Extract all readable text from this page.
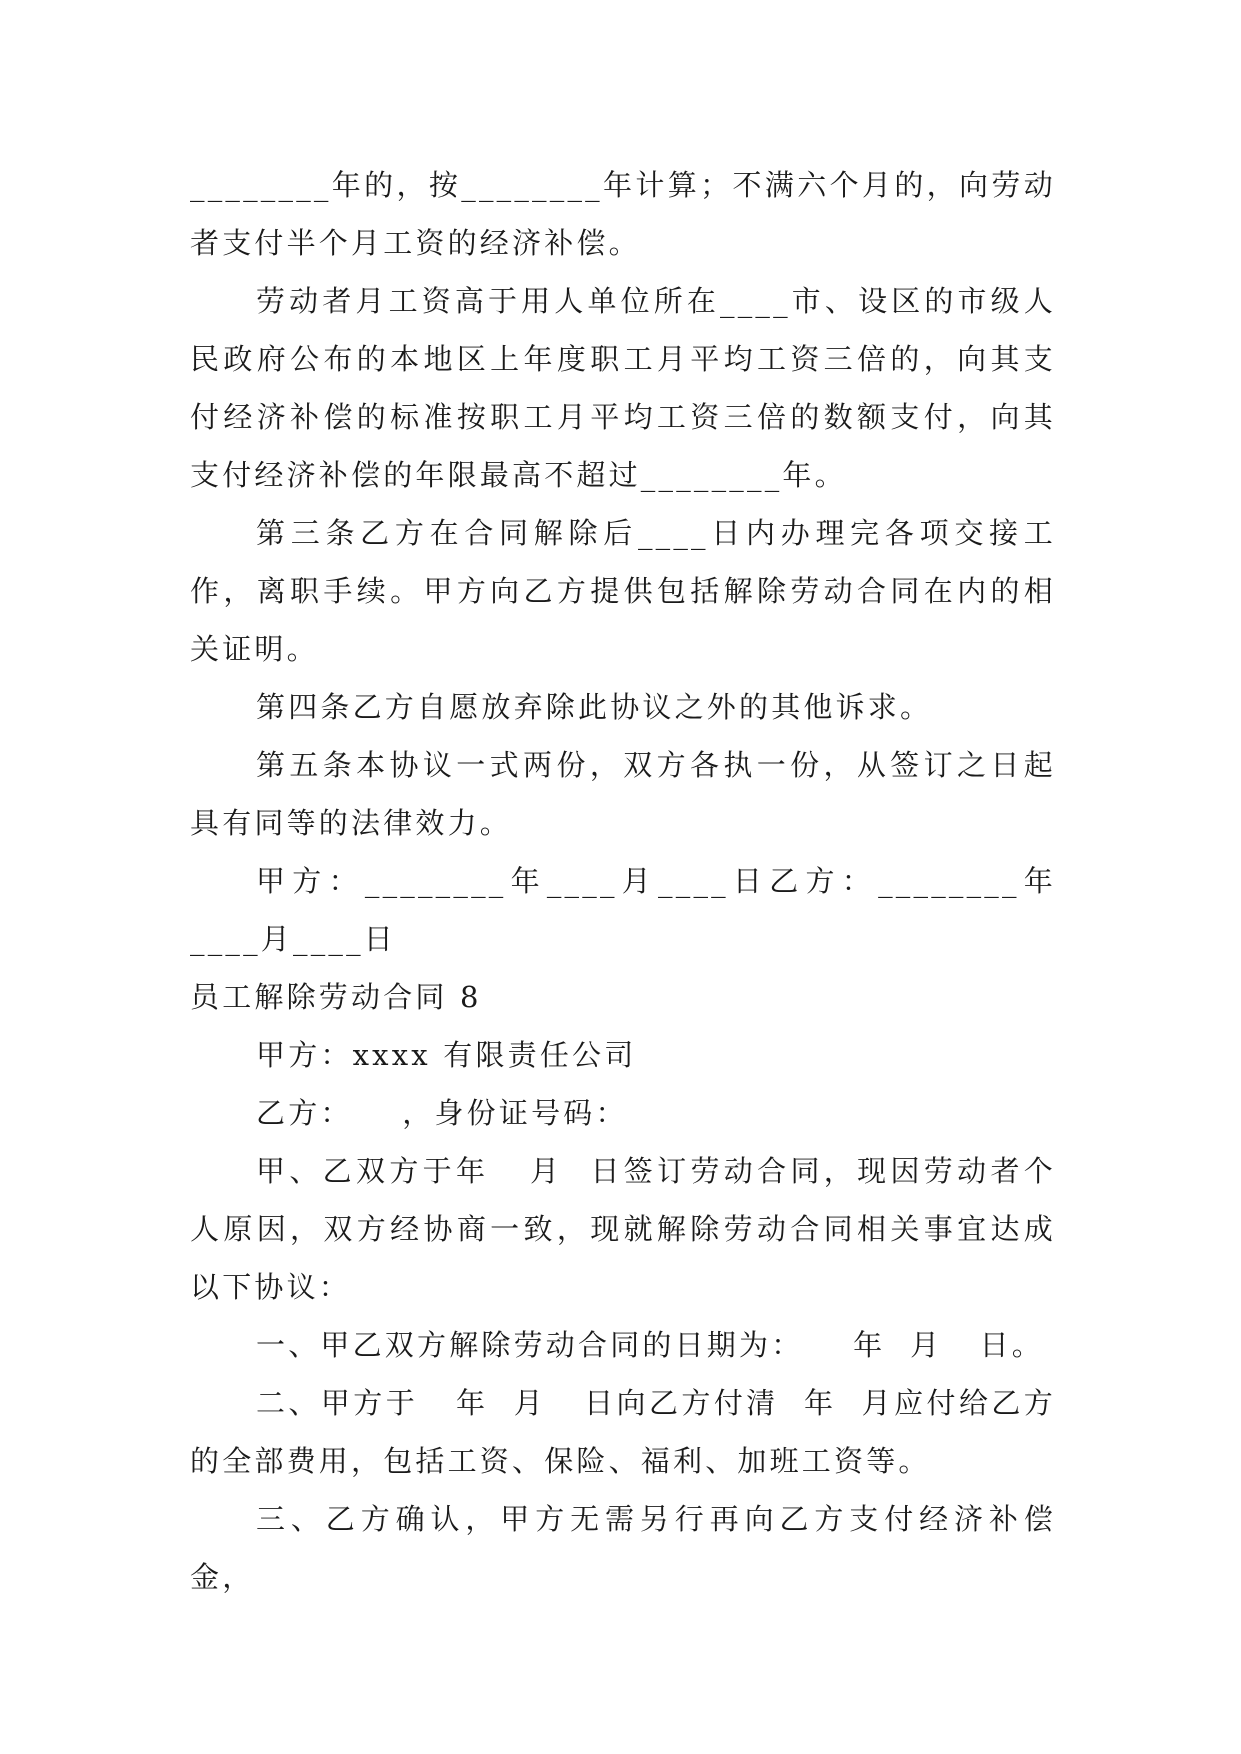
________年的，按________年计算；不满六个月的，向劳动者支付半个月工资的经济补偿。

劳动者月工资高于用人单位所在____市、设区的市级人民政府公布的本地区上年度职工月平均工资三倍的，向其支付经济补偿的标准按职工月平均工资三倍的数额支付，向其支付经济补偿的年限最高不超过________年。

第三条乙方在合同解除后____日内办理完各项交接工作，离职手续。甲方向乙方提供包括解除劳动合同在内的相关证明。

第四条乙方自愿放弃除此协议之外的其他诉求。

第五条本协议一式两份，双方各执一份，从签订之日起具有同等的法律效力。

甲方：________年____月____日乙方：________年____月____日

员工解除劳动合同 8

甲方：xxxx 有限责任公司

乙方：    ，身份证号码：

甲、乙双方于年   月  日签订劳动合同，现因劳动者个人原因，双方经协商一致，现就解除劳动合同相关事宜达成以下协议：

一、甲乙双方解除劳动合同的日期为：    年  月   日。

二、甲方于   年  月   日向乙方付清  年  月应付给乙方的全部费用，包括工资、保险、福利、加班工资等。

三、乙方确认，甲方无需另行再向乙方支付经济补偿金，
